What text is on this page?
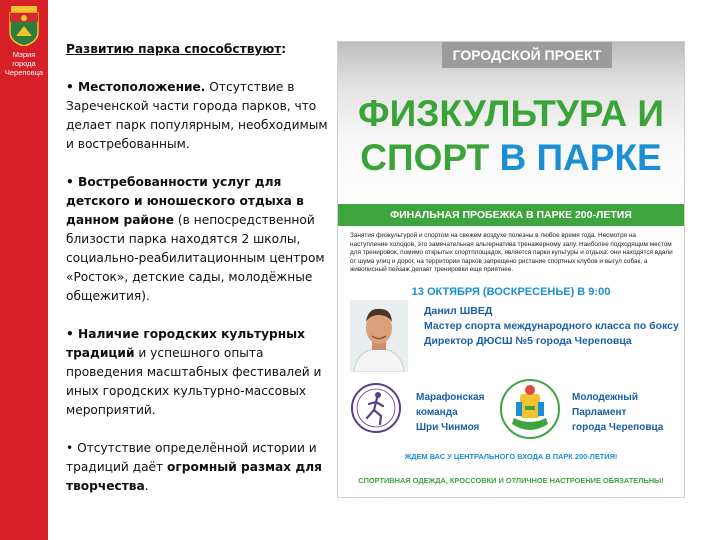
Мэрия
города
Череповца

Развитию парка способствуют:

• Местоположение. Отсутствие в Зареченской части города парков, что делает парк популярным, необходимым и востребованным.

• Востребованности услуг для детского и юношеского отдыха в данном районе (в непосредственной близости парка находятся 2 школы, социально-реабилитационным центром «Росток», детские сады, молодёжные общежития).

• Наличие городских культурных традиций и успешного опыта проведения масштабных фестивалей и иных городских культурно-массовых мероприятий.

• Отсутствие определённой истории и традиций даёт огромный размах для творчества.

ГОРОДСКОЙ ПРОЕКТ
ФИЗКУЛЬТУРА И
СПОРТ В ПАРКЕ
ФИНАЛЬНАЯ ПРОБЕЖКА В ПАРКЕ 200-ЛЕТИЯ
Занятия физкультурой и спортом на свежем воздухе полезны в любое время года. Несмотря на наступление холодов, это замечательная альтернатива тренажерному залу. Наиболее подходящим местом для тренировок, помимо открытых спортплощадок, является парки культуры и отдыха: они находятся вдали от шума улиц и дорог, на территории парков запрещено ристание спортных клубов и выгул собак, а живописный пейзаж делает тренировки еще приятнее.
13 ОКТЯБРЯ (ВОСКРЕСЕНЬЕ) В 9:00
Данил ШВЕД
Мастер спорта международного класса по боксу
Директор ДЮСШ №5 города Череповца
Марафонская
команда
Шри Чинмоя
Молодежный
Парламент
города Череповца
ЖДЕМ ВАС У ЦЕНТРАЛЬНОГО ВХОДА В ПАРК 200-ЛЕТИЯ!
СПОРТИВНАЯ ОДЕЖДА, КРОССОВКИ И ОТЛИЧНОЕ НАСТРОЕНИЕ ОБЯЗАТЕЛЬНЫ!
